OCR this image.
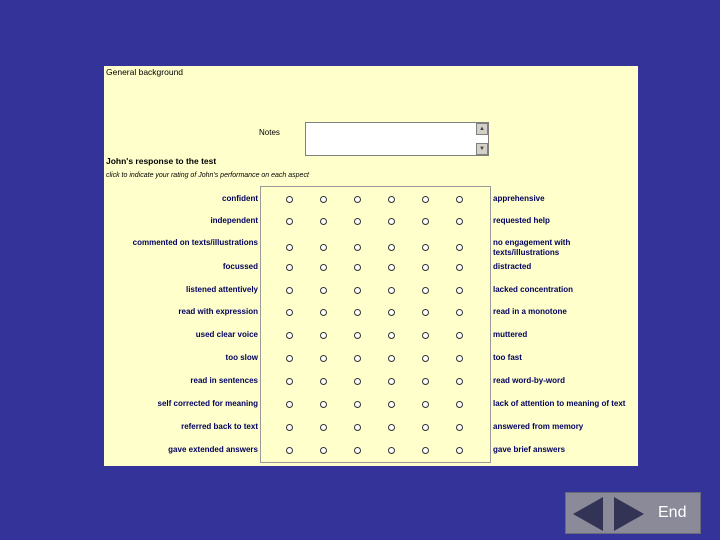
General background
Notes	▲
▼
John's response to the test
click to indicate your rating of John's performance on each aspect
confident	apprehensive
independent	requested help
commented on texts/illustrations	no engagement with texts/illustrations
focussed	distracted
listened attentively	lacked concentration
read with expression	read in a monotone
used clear voice	muttered
too slow	too fast
read in sentences	read word-by-word
self corrected for meaning	lack of attention to meaning of text
referred back to text	answered from memory
gave extended answers	gave brief answers
End
